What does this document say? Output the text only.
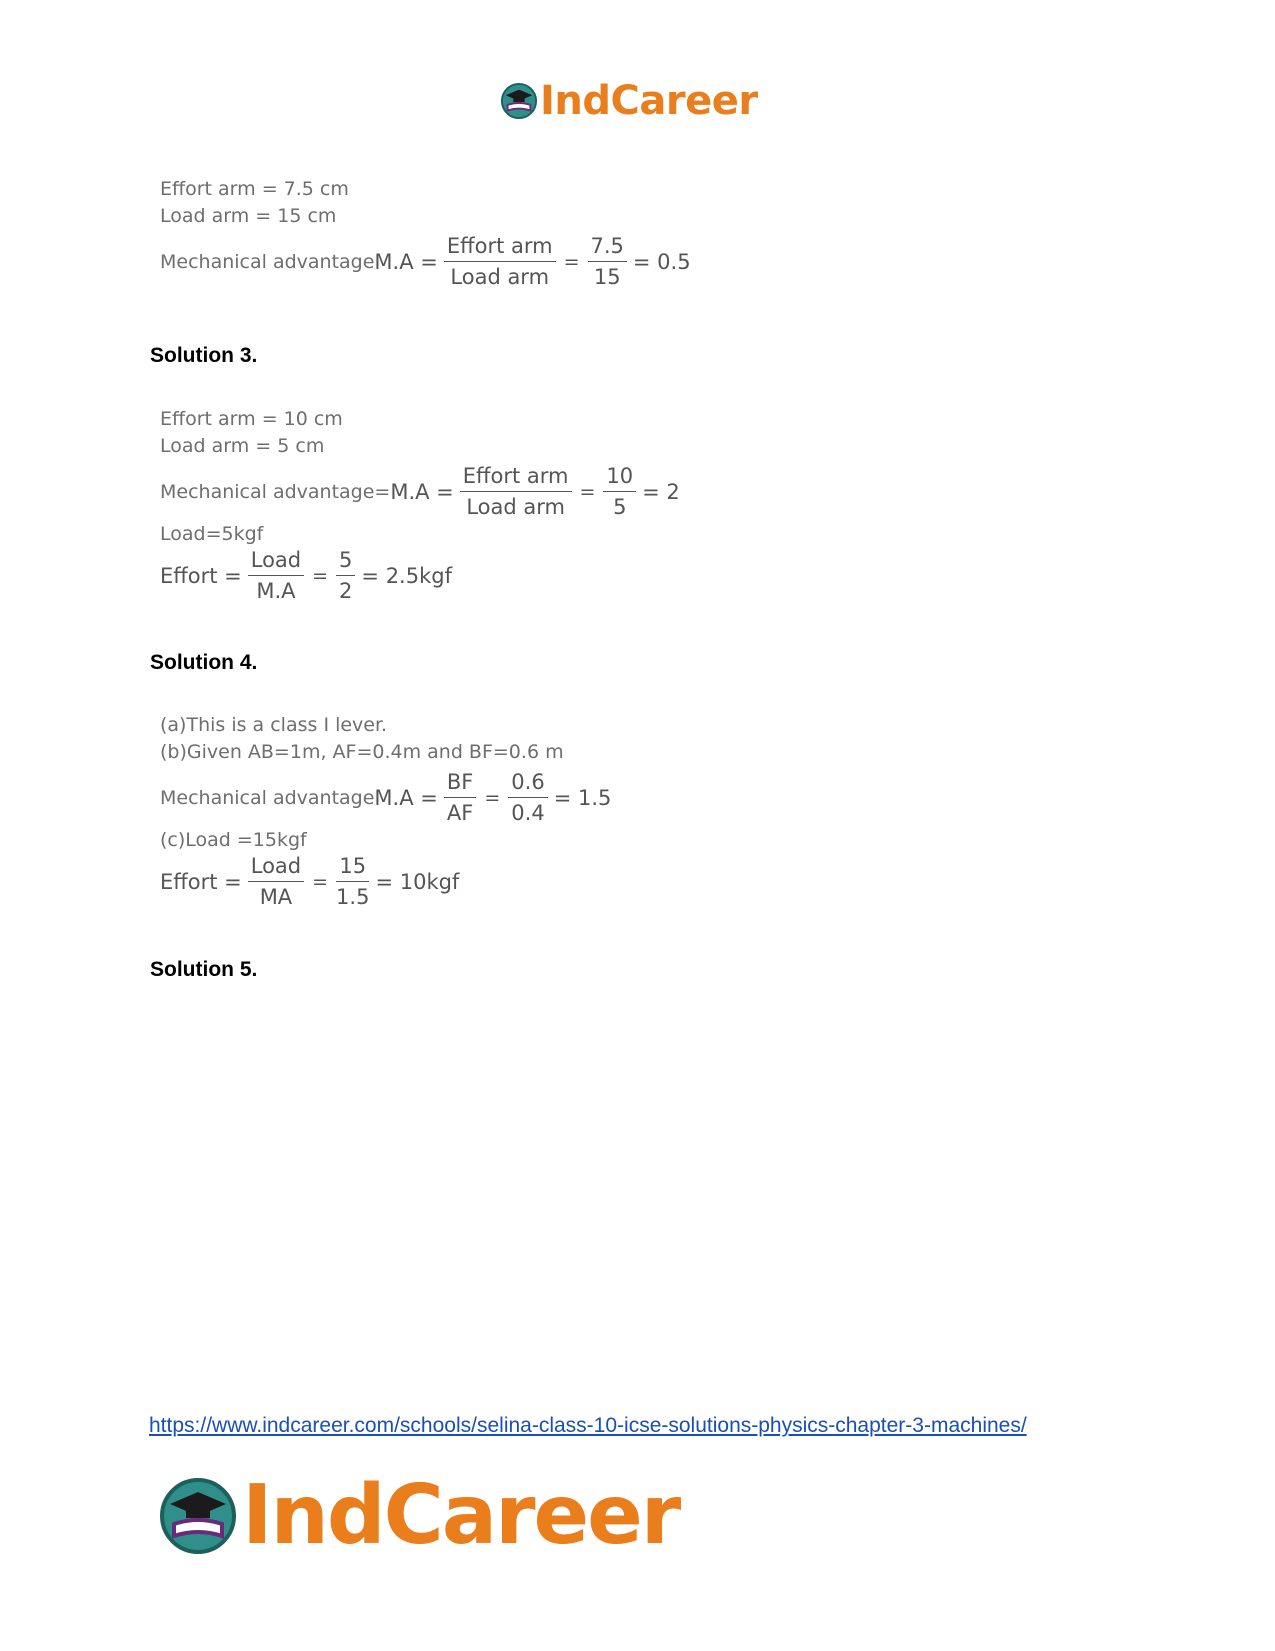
IndCareer
Effort arm = 7.5 cm
Load arm = 15 cm
Mechanical advantage $M.A = \frac{\text{Effort arm}}{\text{Load arm}} = \frac{7.5}{15} = 0.5$
Solution 3.
Effort arm = 10 cm
Load arm = 5 cm
Mechanical advantage= $M.A = \frac{\text{Effort arm}}{\text{Load arm}} = \frac{10}{5} = 2$
Load=5kgf
Effort = $\frac{\text{Load}}{M.A} = \frac{5}{2} = 2.5kgf$
Solution 4.
(a)This is a class I lever.
(b)Given AB=1m, AF=0.4m and BF=0.6 m
Mechanical advantage $M.A = \frac{BF}{AF} = \frac{0.6}{0.4} = 1.5$
(c)Load =15kgf
Effort = $\frac{\text{Load}}{MA} = \frac{15}{1.5} = 10kgf$
Solution 5.
https://www.indcareer.com/schools/selina-class-10-icse-solutions-physics-chapter-3-machines/
IndCareer
